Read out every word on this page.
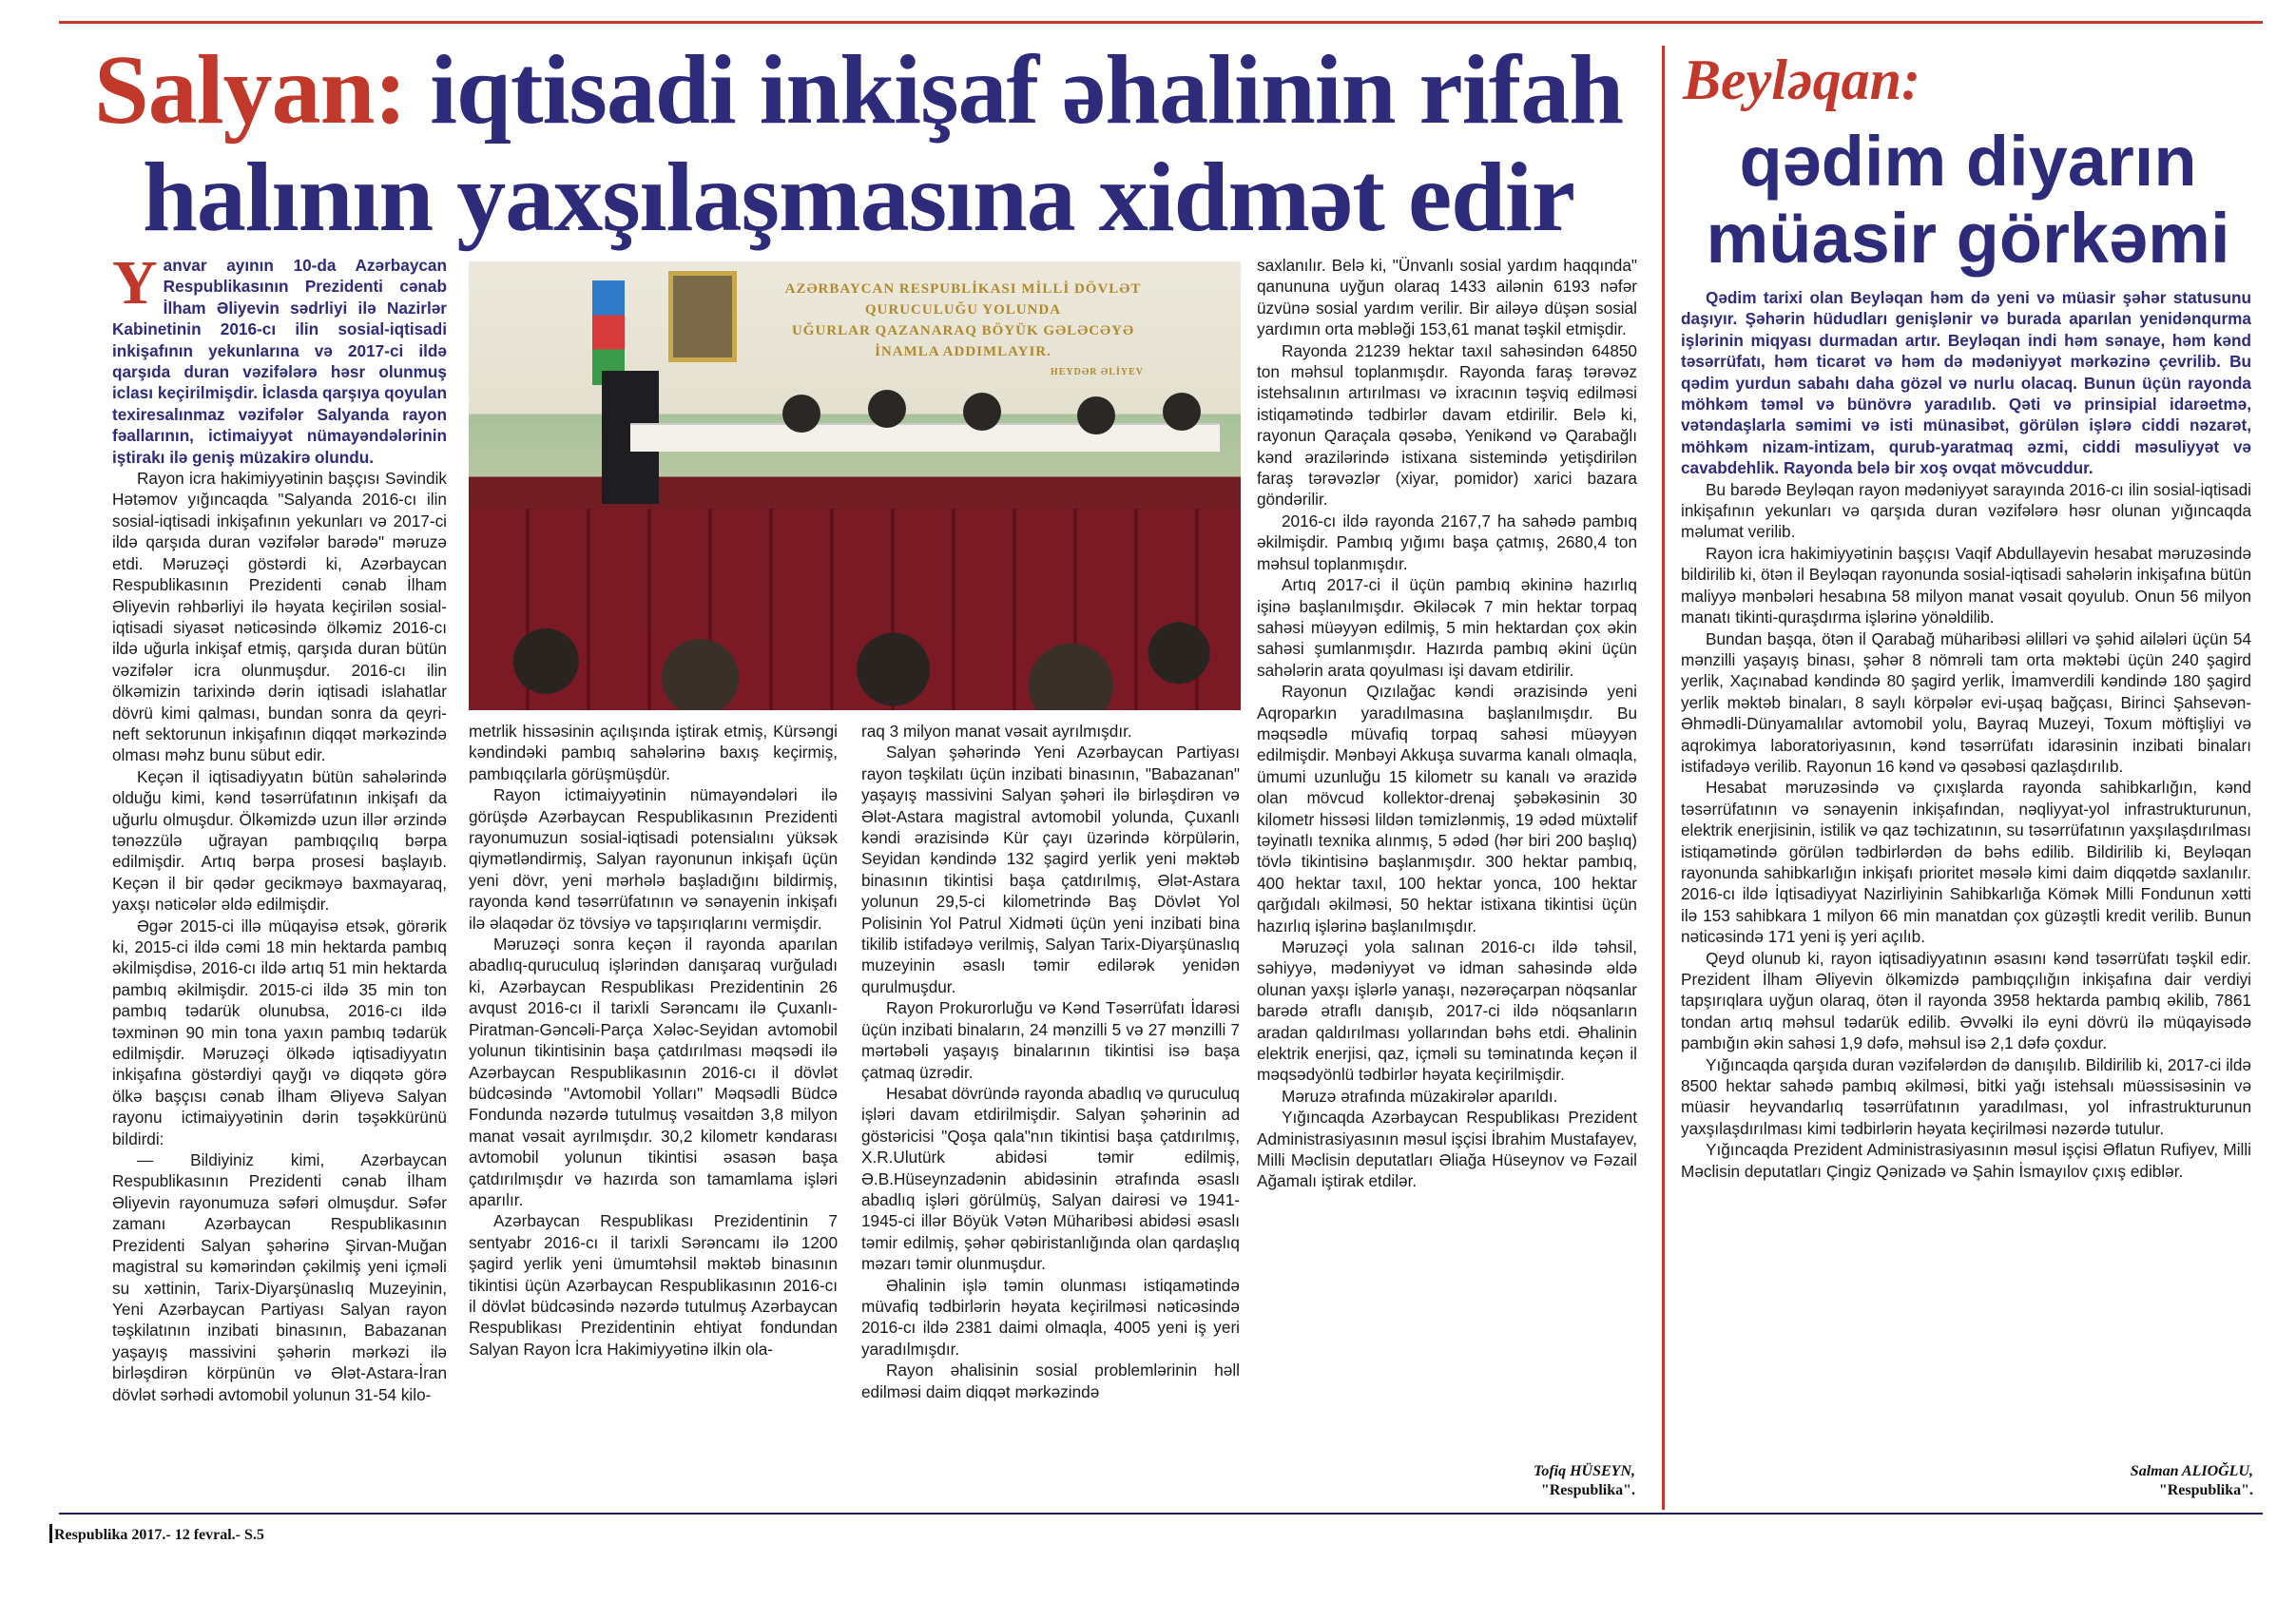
Salyan: iqtisadi inkişaf əhalinin rifah
halının yaxşılaşmasına xidmət edir
Beyləqan:
qədim diyarın
müasir görkəmi
Y anvar ayının 10-da Azərbaycan Respublikasının Prezidenti cənab İlham Əliyevin sədrliyi ilə Nazirlər Kabinetinin 2016-cı ilin sosial-iqtisadi inkişafının yekunlarına və 2017-ci ildə qarşıda duran vəzifələrə həsr olunmuş iclası keçirilmişdir. İclasda qarşıya qoyulan texiresalınmaz vəzifələr Salyanda rayon fəallarının, ictimaiyyət nümayəndələrinin iştirakı ilə geniş müzakirə olundu.

Rayon icra hakimiyyətinin başçısı Səvindik Hətəmov yığıncaqda "Salyanda 2016-cı ilin sosial-iqtisadi inkişafının yekunları və 2017-ci ildə qarşıda duran vəzifələr barədə" məruzə etdi. Məruzəçi göstərdi ki, Azərbaycan Respublikasının Prezidenti cənab İlham Əliyevin rəhbərliyi ilə həyata keçirilən sosial-iqtisadi siyasət nəticəsində ölkəmiz 2016-cı ildə uğurla inkişaf etmiş, qarşıda duran bütün vəzifələr icra olunmuşdur. 2016-cı ilin ölkəmizin tarixində dərin iqtisadi islahatlar dövrü kimi qalması, bundan sonra da qeyri-neft sektorunun inkişafının diqqət mərkəzində olması məhz bunu sübut edir.

Keçən il iqtisadiyyatın bütün sahələrində olduğu kimi, kənd təsərrüfatının inkişafı da uğurlu olmuşdur. Ölkəmizdə uzun illər ərzində tənəzzülə uğrayan pambıqçılıq bərpa edilmişdir. Artıq bərpa prosesi başlayıb. Keçən il bir qədər gecikməyə baxmayaraq, yaxşı nəticələr əldə edilmişdir.

Əgər 2015-ci illə müqayisə etsək, görərik ki, 2015-ci ildə cəmi 18 min hektarda pambıq əkilmişdisə, 2016-cı ildə artıq 51 min hektarda pambıq əkilmişdir. 2015-ci ildə 35 min ton pambıq tədarük olunubsa, 2016-cı ildə təxminən 90 min tona yaxın pambıq tədarük edilmişdir. Məruzəçi ölkədə iqtisadiyyatın inkişafına göstərdiyi qayğı və diqqətə görə ölkə başçısı cənab İlham Əliyevə Salyan rayonu ictimaiyyətinin dərin təşəkkürünü bildirdi:

— Bildiyiniz kimi, Azərbaycan Respublikasının Prezidenti cənab İlham Əliyevin rayonumuza səfəri olmuşdur. Səfər zamanı Azərbaycan Respublikasının Prezidenti Salyan şəhərinə Şirvan-Muğan magistral su kəmərindən çəkilmiş yeni içməli su xəttinin, Tarix-Diyarşünaslıq Muzeyinin, Yeni Azərbaycan Partiyası Salyan rayon təşkilatının inzibati binasının, Babazanan yaşayış massivini şəhərin mərkəzi ilə birləşdirən körpünün və Ələt-Astara-İran dövlət sərhədi avtomobil yolunun 31-54 kilo-

AZƏRBAYCAN RESPUBLİKASI MİLLİ DÖVLƏT
QURUCULUĞU YOLUNDA
UĞURLAR QAZANARAQ BÖYÜK GƏLƏCƏYƏ
İNAMLA ADDIMLAYIR.
HEYDƏR ƏLİYEV

metrlik hissəsinin açılışında iştirak etmiş, Kürsəngi kəndindəki pambıq sahələrinə baxış keçirmiş, pambıqçılarla görüşmüşdür.

Rayon ictimaiyyətinin nümayəndələri ilə görüşdə Azərbaycan Respublikasının Prezidenti rayonumuzun sosial-iqtisadi potensialını yüksək qiymətləndirmiş, Salyan rayonunun inkişafı üçün yeni dövr, yeni mərhələ başladığını bildirmiş, rayonda kənd təsərrüfatının və sənayenin inkişafı ilə əlaqədar öz tövsiyə və tapşırıqlarını vermişdir.

Məruzəçi sonra keçən il rayonda aparılan abadlıq-quruculuq işlərindən danışaraq vurğuladı ki, Azərbaycan Respublikası Prezidentinin 26 avqust 2016-cı il tarixli Sərəncamı ilə Çuxanlı-Piratman-Gəncəli-Parça Xələc-Seyidan avtomobil yolunun tikintisinin başa çatdırılması məqsədi ilə Azərbaycan Respublikasının 2016-cı il dövlət büdcəsində "Avtomobil Yolları" Məqsədli Büdcə Fondunda nəzərdə tutulmuş vəsaitdən 3,8 milyon manat vəsait ayrılmışdır. 30,2 kilometr kəndarası avtomobil yolunun tikintisi əsasən başa çatdırılmışdır və hazırda son tamamlama işləri aparılır.

Azərbaycan Respublikası Prezidentinin 7 sentyabr 2016-cı il tarixli Sərəncamı ilə 1200 şagird yerlik yeni ümumtəhsil məktəb binasının tikintisi üçün Azərbaycan Respublikasının 2016-cı il dövlət büdcəsində nəzərdə tutulmuş Azərbaycan Respublikası Prezidentinin ehtiyat fondundan Salyan Rayon İcra Hakimiyyətinə ilkin ola-

raq 3 milyon manat vəsait ayrılmışdır.

Salyan şəhərində Yeni Azərbaycan Partiyası rayon təşkilatı üçün inzibati binasının, "Babazanan" yaşayış massivini Salyan şəhəri ilə birləşdirən və Ələt-Astara magistral avtomobil yolunda, Çuxanlı kəndi ərazisində Kür çayı üzərində körpülərin, Seyidan kəndində 132 şagird yerlik yeni məktəb binasının tikintisi başa çatdırılmış, Ələt-Astara yolunun 29,5-ci kilometrində Baş Dövlət Yol Polisinin Yol Patrul Xidməti üçün yeni inzibati bina tikilib istifadəyə verilmiş, Salyan Tarix-Diyarşünaslıq muzeyinin əsaslı təmir edilərək yenidən qurulmuşdur.

Rayon Prokurorluğu və Kənd Təsərrüfatı İdarəsi üçün inzibati binaların, 24 mənzilli 5 və 27 mənzilli 7 mərtəbəli yaşayış binalarının tikintisi isə başa çatmaq üzrədir.

Hesabat dövründə rayonda abadlıq və quruculuq işləri davam etdirilmişdir. Salyan şəhərinin ad göstəricisi "Qoşa qala"nın tikintisi başa çatdırılmış, X.R.Ulutürk abidəsi təmir edilmiş, Ə.B.Hüseynzadənin abidəsinin ətrafında əsaslı abadlıq işləri görülmüş, Salyan dairəsi və 1941-1945-ci illər Böyük Vətən Müharibəsi abidəsi əsaslı təmir edilmiş, şəhər qəbiristanlığında olan qardaşlıq məzarı təmir olunmuşdur.

Əhalinin işlə təmin olunması istiqamətində müvafiq tədbirlərin həyata keçirilməsi nəticəsində 2016-cı ildə 2381 daimi olmaqla, 4005 yeni iş yeri yaradılmışdır.

Rayon əhalisinin sosial problemlərinin həll edilməsi daim diqqət mərkəzində

saxlanılır. Belə ki, "Ünvanlı sosial yardım haqqında" qanununa uyğun olaraq 1433 ailənin 6193 nəfər üzvünə sosial yardım verilir. Bir ailəyə düşən sosial yardımın orta məbləği 153,61 manat təşkil etmişdir.

Rayonda 21239 hektar taxıl sahəsindən 64850 ton məhsul toplanmışdır. Rayonda faraş tərəvəz istehsalının artırılması və ixracının təşviq edilməsi istiqamətində tədbirlər davam etdirilir. Belə ki, rayonun Qaraçala qəsəbə, Yenikənd və Qarabağlı kənd ərazilərində istixana sistemində yetişdirilən faraş tərəvəzlər (xiyar, pomidor) xarici bazara göndərilir.

2016-cı ildə rayonda 2167,7 ha sahədə pambıq əkilmişdir. Pambıq yığımı başa çatmış, 2680,4 ton məhsul toplanmışdır.

Artıq 2017-ci il üçün pambıq əkininə hazırlıq işinə başlanılmışdır. Əkiləcək 7 min hektar torpaq sahəsi müəyyən edilmiş, 5 min hektardan çox əkin sahəsi şumlanmışdır. Hazırda pambıq əkini üçün sahələrin arata qoyulması işi davam etdirilir.

Rayonun Qızılağac kəndi ərazisində yeni Aqroparkın yaradılmasına başlanılmışdır. Bu məqsədlə müvafiq torpaq sahəsi müəyyən edilmişdir. Mənbəyi Akkuşa suvarma kanalı olmaqla, ümumi uzunluğu 15 kilometr su kanalı və ərazidə olan mövcud kollektor-drenaj şəbəkəsinin 30 kilometr hissəsi lildən təmizlənmiş, 19 ədəd müxtəlif təyinatlı texnika alınmış, 5 ədəd (hər biri 200 başlıq) tövlə tikintisinə başlanmışdır. 300 hektar pambıq, 400 hektar taxıl, 100 hektar yonca, 100 hektar qarğıdalı əkilməsi, 50 hektar istixana tikintisi üçün hazırlıq işlərinə başlanılmışdır.

Məruzəçi yola salınan 2016-cı ildə təhsil, səhiyyə, mədəniyyət və idman sahəsində əldə olunan yaxşı işlərlə yanaşı, nəzərəçarpan nöqsanlar barədə ətraflı danışıb, 2017-ci ildə nöqsanların aradan qaldırılması yollarından bəhs etdi. Əhalinin elektrik enerjisi, qaz, içməli su təminatında keçən il məqsədyönlü tədbirlər həyata keçirilmişdir.

Məruzə ətrafında müzakirələr aparıldı.

Yığıncaqda Azərbaycan Respublikası Prezident Administrasiyasının məsul işçisi İbrahim Mustafayev, Milli Məclisin deputatları Əliağa Hüseynov və Fəzail Ağamalı iştirak etdilər.

Tofiq HÜSEYN,
"Respublika".

Qədim tarixi olan Beyləqan həm də yeni və müasir şəhər statusunu daşıyır. Şəhərin hüdudları genişlənir və burada aparılan yenidənqurma işlərinin miqyası durmadan artır. Beyləqan indi həm sənaye, həm kənd təsərrüfatı, həm ticarət və həm də mədəniyyət mərkəzinə çevrilib. Bu qədim yurdun sabahı daha gözəl və nurlu olacaq. Bunun üçün rayonda möhkəm təməl və bünövrə yaradılıb. Qəti və prinsipial idarəetmə, vətəndaşlarla səmimi və isti münasibət, görülən işlərə ciddi nəzarət, möhkəm nizam-intizam, qurub-yaratmaq əzmi, ciddi məsuliyyət və cavabdehlik. Rayonda belə bir xoş ovqat mövcuddur.

Bu barədə Beyləqan rayon mədəniyyət sarayında 2016-cı ilin sosial-iqtisadi inkişafının yekunları və qarşıda duran vəzifələrə həsr olunan yığıncaqda məlumat verilib.

Rayon icra hakimiyyətinin başçısı Vaqif Abdullayevin hesabat məruzəsində bildirilib ki, ötən il Beyləqan rayonunda sosial-iqtisadi sahələrin inkişafına bütün maliyyə mənbələri hesabına 58 milyon manat vəsait qoyulub. Onun 56 milyon manatı tikinti-quraşdırma işlərinə yönəldilib.

Bundan başqa, ötən il Qarabağ müharibəsi əlilləri və şəhid ailələri üçün 54 mənzilli yaşayış binası, şəhər 8 nömrəli tam orta məktəbi üçün 240 şagird yerlik, Xaçınabad kəndində 80 şagird yerlik, İmamverdili kəndində 180 şagird yerlik məktəb binaları, 8 saylı körpələr evi-uşaq bağçası, Birinci Şahsevən-Əhmədli-Dünyamalılar avtomobil yolu, Bayraq Muzeyi, Toxum möftişliyi və aqrokimya laboratoriyasının, kənd təsərrüfatı idarəsinin inzibati binaları istifadəyə verilib. Rayonun 16 kənd və qəsəbəsi qazlaşdırılıb.

Hesabat məruzəsində və çıxışlarda rayonda sahibkarlığın, kənd təsərrüfatının və sənayenin inkişafından, nəqliyyat-yol infrastrukturunun, elektrik enerjisinin, istilik və qaz təchizatının, su təsərrüfatının yaxşılaşdırılması istiqamətində görülən tədbirlərdən də bəhs edilib. Bildirilib ki, Beyləqan rayonunda sahibkarlığın inkişafı prioritet məsələ kimi daim diqqətdə saxlanılır. 2016-cı ildə İqtisadiyyat Nazirliyinin Sahibkarlığa Kömək Milli Fondunun xətti ilə 153 sahibkara 1 milyon 66 min manatdan çox güzəştli kredit verilib. Bunun nəticəsində 171 yeni iş yeri açılıb.

Qeyd olunub ki, rayon iqtisadiyyatının əsasını kənd təsərrüfatı təşkil edir. Prezident İlham Əliyevin ölkəmizdə pambıqçılığın inkişafına dair verdiyi tapşırıqlara uyğun olaraq, ötən il rayonda 3958 hektarda pambıq əkilib, 7861 tondan artıq məhsul tədarük edilib. Əvvəlki ilə eyni dövrü ilə müqayisədə pambığın əkin sahəsi 1,9 dəfə, məhsul isə 2,1 dəfə çoxdur.

Yığıncaqda qarşıda duran vəzifələrdən də danışılıb. Bildirilib ki, 2017-ci ildə 8500 hektar sahədə pambıq əkilməsi, bitki yağı istehsalı müəssisəsinin və müasir heyvandarlıq təsərrüfatının yaradılması, yol infrastrukturunun yaxşılaşdırılması kimi tədbirlərin həyata keçirilməsi nəzərdə tutulur.

Yığıncaqda Prezident Administrasiyasının məsul işçisi Əflatun Rufiyev, Milli Məclisin deputatları Çingiz Qənizadə və Şahin İsmayılov çıxış ediblər.

Salman ALIOĞLU,
"Respublika".
Respublika 2017.- 12 fevral.- S.5
